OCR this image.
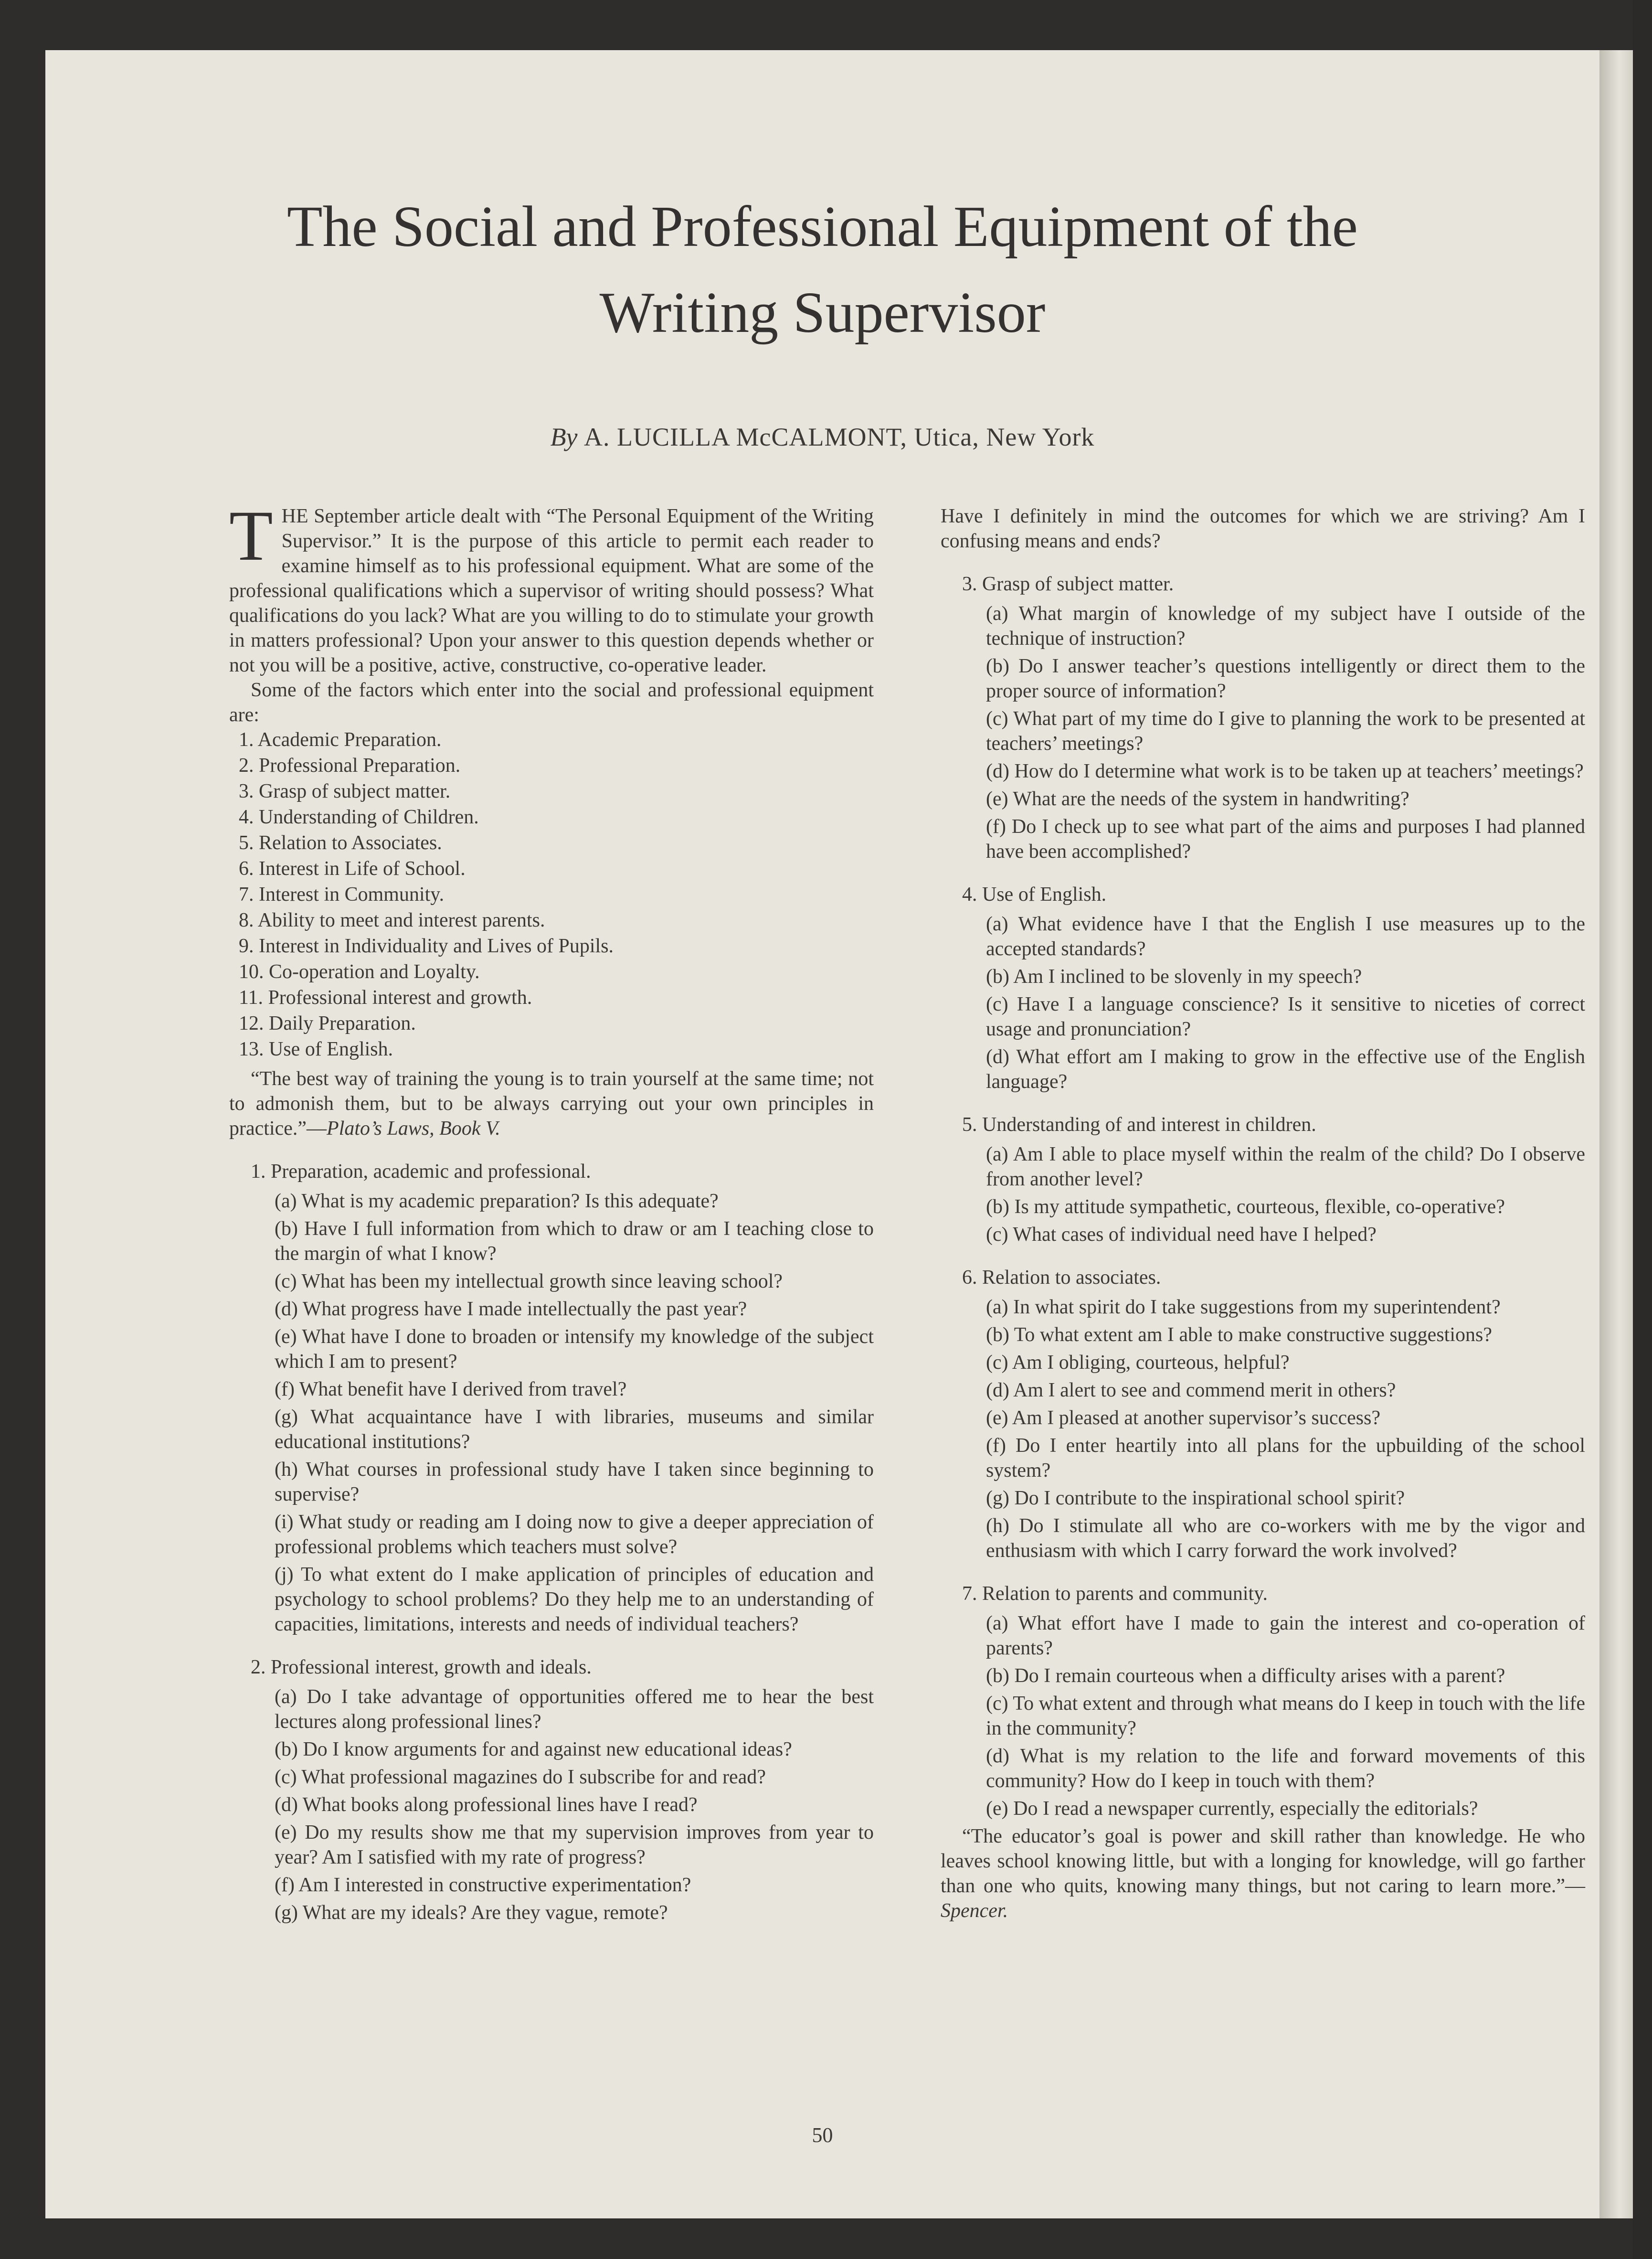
The Social and Professional Equipment of the
Writing Supervisor
By A. LUCILLA McCALMONT, Utica, New York

THE September article dealt with “The Personal Equipment of the Writing Supervisor.” It is the purpose of this article to permit each reader to examine himself as to his professional equipment. What are some of the professional qualifications which a supervisor of writing should possess? What qualifications do you lack? What are you willing to do to stimulate your growth in matters professional? Upon your answer to this question depends whether or not you will be a positive, active, constructive, co-operative leader.

Some of the factors which enter into the social and professional equipment are:

1. Academic Preparation.
2. Professional Preparation.
3. Grasp of subject matter.
4. Understanding of Children.
5. Relation to Associates.
6. Interest in Life of School.
7. Interest in Community.
8. Ability to meet and interest parents.
9. Interest in Individuality and Lives of Pupils.
10. Co-operation and Loyalty.
11. Professional interest and growth.
12. Daily Preparation.
13. Use of English.

“The best way of training the young is to train yourself at the same time; not to admonish them, but to be always carrying out your own principles in practice.”—Plato’s Laws, Book V.

1. Preparation, academic and professional.

(a) What is my academic preparation? Is this adequate?

(b) Have I full information from which to draw or am I teaching close to the margin of what I know?

(c) What has been my intellectual growth since leaving school?

(d) What progress have I made intellectually the past year?

(e) What have I done to broaden or intensify my knowledge of the subject which I am to present?

(f) What benefit have I derived from travel?

(g) What acquaintance have I with libraries, museums and similar educational institutions?

(h) What courses in professional study have I taken since beginning to supervise?

(i) What study or reading am I doing now to give a deeper appreciation of professional problems which teachers must solve?

(j) To what extent do I make application of principles of education and psychology to school problems? Do they help me to an understanding of capacities, limitations, interests and needs of individual teachers?

2. Professional interest, growth and ideals.

(a) Do I take advantage of opportunities offered me to hear the best lectures along professional lines?

(b) Do I know arguments for and against new educational ideas?

(c) What professional magazines do I subscribe for and read?

(d) What books along professional lines have I read?

(e) Do my results show me that my supervision improves from year to year? Am I satisfied with my rate of progress?

(f) Am I interested in constructive experimentation?

(g) What are my ideals? Are they vague, remote?

Have I definitely in mind the outcomes for which we are striving? Am I confusing means and ends?

3. Grasp of subject matter.

(a) What margin of knowledge of my subject have I outside of the technique of instruction?

(b) Do I answer teacher’s questions intelligently or direct them to the proper source of information?

(c) What part of my time do I give to planning the work to be presented at teachers’ meetings?

(d) How do I determine what work is to be taken up at teachers’ meetings?

(e) What are the needs of the system in handwriting?

(f) Do I check up to see what part of the aims and purposes I had planned have been accomplished?

4. Use of English.

(a) What evidence have I that the English I use measures up to the accepted standards?

(b) Am I inclined to be slovenly in my speech?

(c) Have I a language conscience? Is it sensitive to niceties of correct usage and pronunciation?

(d) What effort am I making to grow in the effective use of the English language?

5. Understanding of and interest in children.

(a) Am I able to place myself within the realm of the child? Do I observe from another level?

(b) Is my attitude sympathetic, courteous, flexible, co-operative?

(c) What cases of individual need have I helped?

6. Relation to associates.

(a) In what spirit do I take suggestions from my superintendent?

(b) To what extent am I able to make constructive suggestions?

(c) Am I obliging, courteous, helpful?

(d) Am I alert to see and commend merit in others?

(e) Am I pleased at another supervisor’s success?

(f) Do I enter heartily into all plans for the upbuilding of the school system?

(g) Do I contribute to the inspirational school spirit?

(h) Do I stimulate all who are co-workers with me by the vigor and enthusiasm with which I carry forward the work involved?

7. Relation to parents and community.

(a) What effort have I made to gain the interest and co-operation of parents?

(b) Do I remain courteous when a difficulty arises with a parent?

(c) To what extent and through what means do I keep in touch with the life in the community?

(d) What is my relation to the life and forward movements of this community? How do I keep in touch with them?

(e) Do I read a newspaper currently, especially the editorials?

“The educator’s goal is power and skill rather than knowledge. He who leaves school knowing little, but with a longing for knowledge, will go farther than one who quits, knowing many things, but not caring to learn more.”—Spencer.

50
